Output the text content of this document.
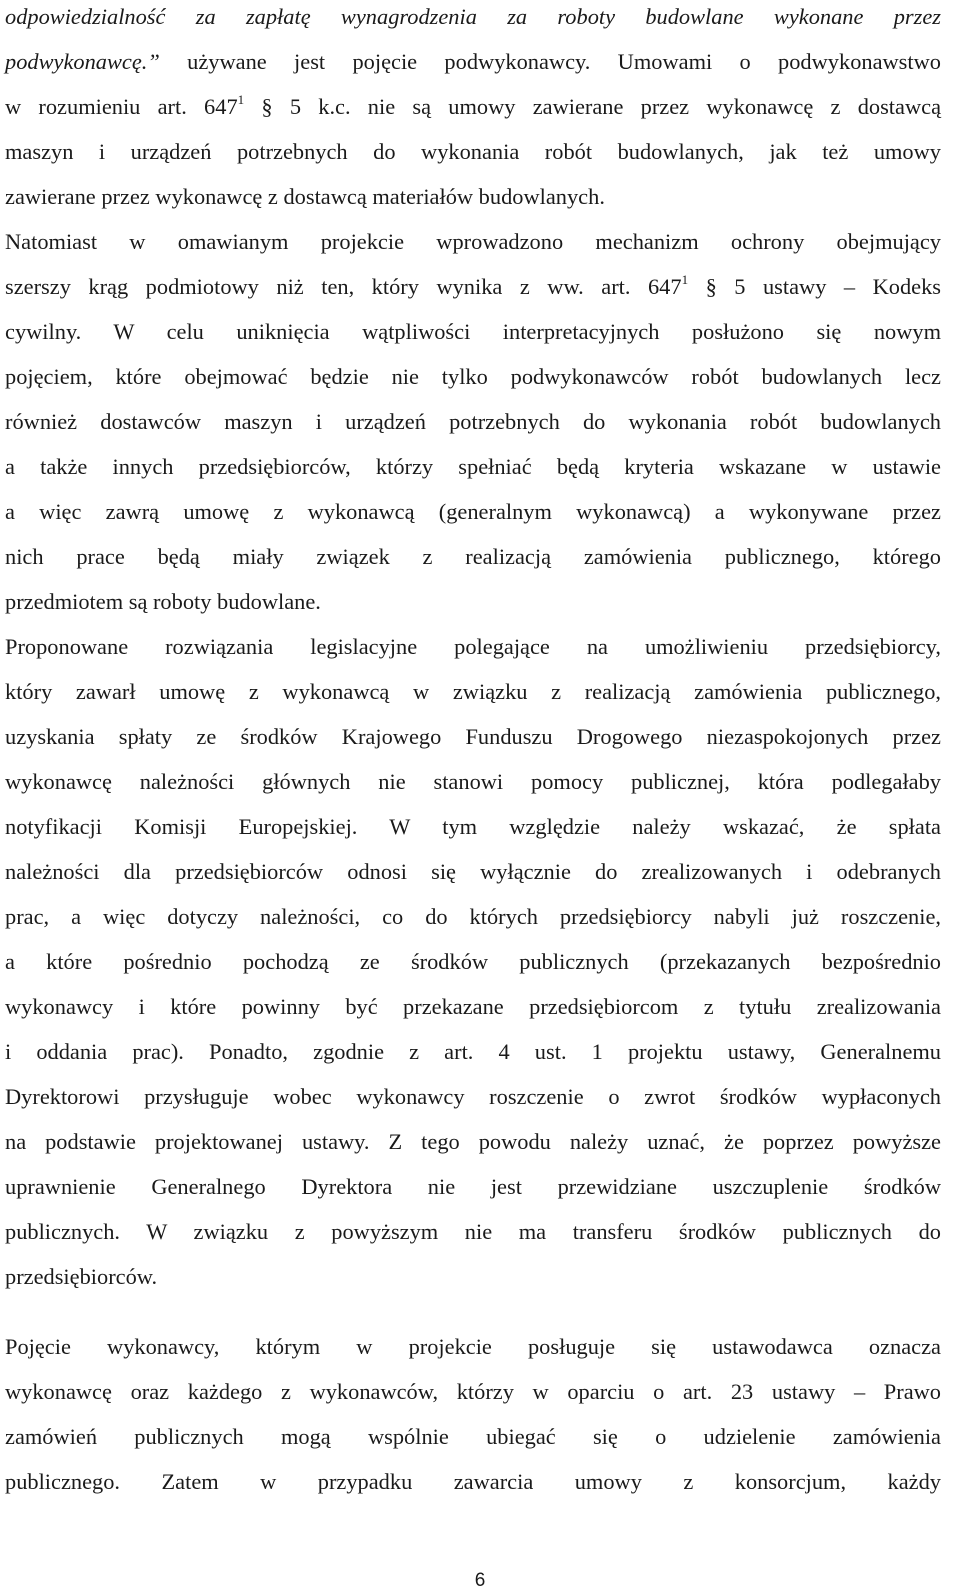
odpowiedzialność za zapłatę wynagrodzenia za roboty budowlane wykonane przez
podwykonawcę.” używane jest pojęcie podwykonawcy. Umowami o podwykonawstwo
w rozumieniu art. $647^1$ § 5 k.c. nie są umowy zawierane przez wykonawcę z dostawcą
maszyn i urządzeń potrzebnych do wykonania robót budowlanych, jak też umowy
zawierane przez wykonawcę z dostawcą materiałów budowlanych.
Natomiast w omawianym projekcie wprowadzono mechanizm ochrony obejmujący
szerszy krąg podmiotowy niż ten, który wynika z ww. art. $647^1$ § 5 ustawy – Kodeks
cywilny. W celu uniknięcia wątpliwości interpretacyjnych posłużono się nowym
pojęciem, które obejmować będzie nie tylko podwykonawców robót budowlanych lecz
również dostawców maszyn i urządzeń potrzebnych do wykonania robót budowlanych
a także innych przedsiębiorców, którzy spełniać będą kryteria wskazane w ustawie
a więc zawrą umowę z wykonawcą (generalnym wykonawcą) a wykonywane przez
nich prace będą miały związek z realizacją zamówienia publicznego, którego
przedmiotem są roboty budowlane.
Proponowane rozwiązania legislacyjne polegające na umożliwieniu przedsiębiorcy,
który zawarł umowę z wykonawcą w związku z realizacją zamówienia publicznego,
uzyskania spłaty ze środków Krajowego Funduszu Drogowego niezaspokojonych przez
wykonawcę należności głównych nie stanowi pomocy publicznej, która podlegałaby
notyfikacji Komisji Europejskiej. W tym względzie należy wskazać, że spłata
należności dla przedsiębiorców odnosi się wyłącznie do zrealizowanych i odebranych
prac, a więc dotyczy należności, co do których przedsiębiorcy nabyli już roszczenie,
a które pośrednio pochodzą ze środków publicznych (przekazanych bezpośrednio
wykonawcy i które powinny być przekazane przedsiębiorcom z tytułu zrealizowania
i oddania prac). Ponadto, zgodnie z art. 4 ust. 1 projektu ustawy, Generalnemu
Dyrektorowi przysługuje wobec wykonawcy roszczenie o zwrot środków wypłaconych
na podstawie projektowanej ustawy. Z tego powodu należy uznać, że poprzez powyższe
uprawnienie Generalnego Dyrektora nie jest przewidziane uszczuplenie środków
publicznych. W związku z powyższym nie ma transferu środków publicznych do
przedsiębiorców.
Pojęcie wykonawcy, którym w projekcie posługuje się ustawodawca oznacza
wykonawcę oraz każdego z wykonawców, którzy w oparciu o art. 23 ustawy – Prawo
zamówień publicznych mogą wspólnie ubiegać się o udzielenie zamówienia
publicznego. Zatem w przypadku zawarcia umowy z konsorcjum, każdy
6
